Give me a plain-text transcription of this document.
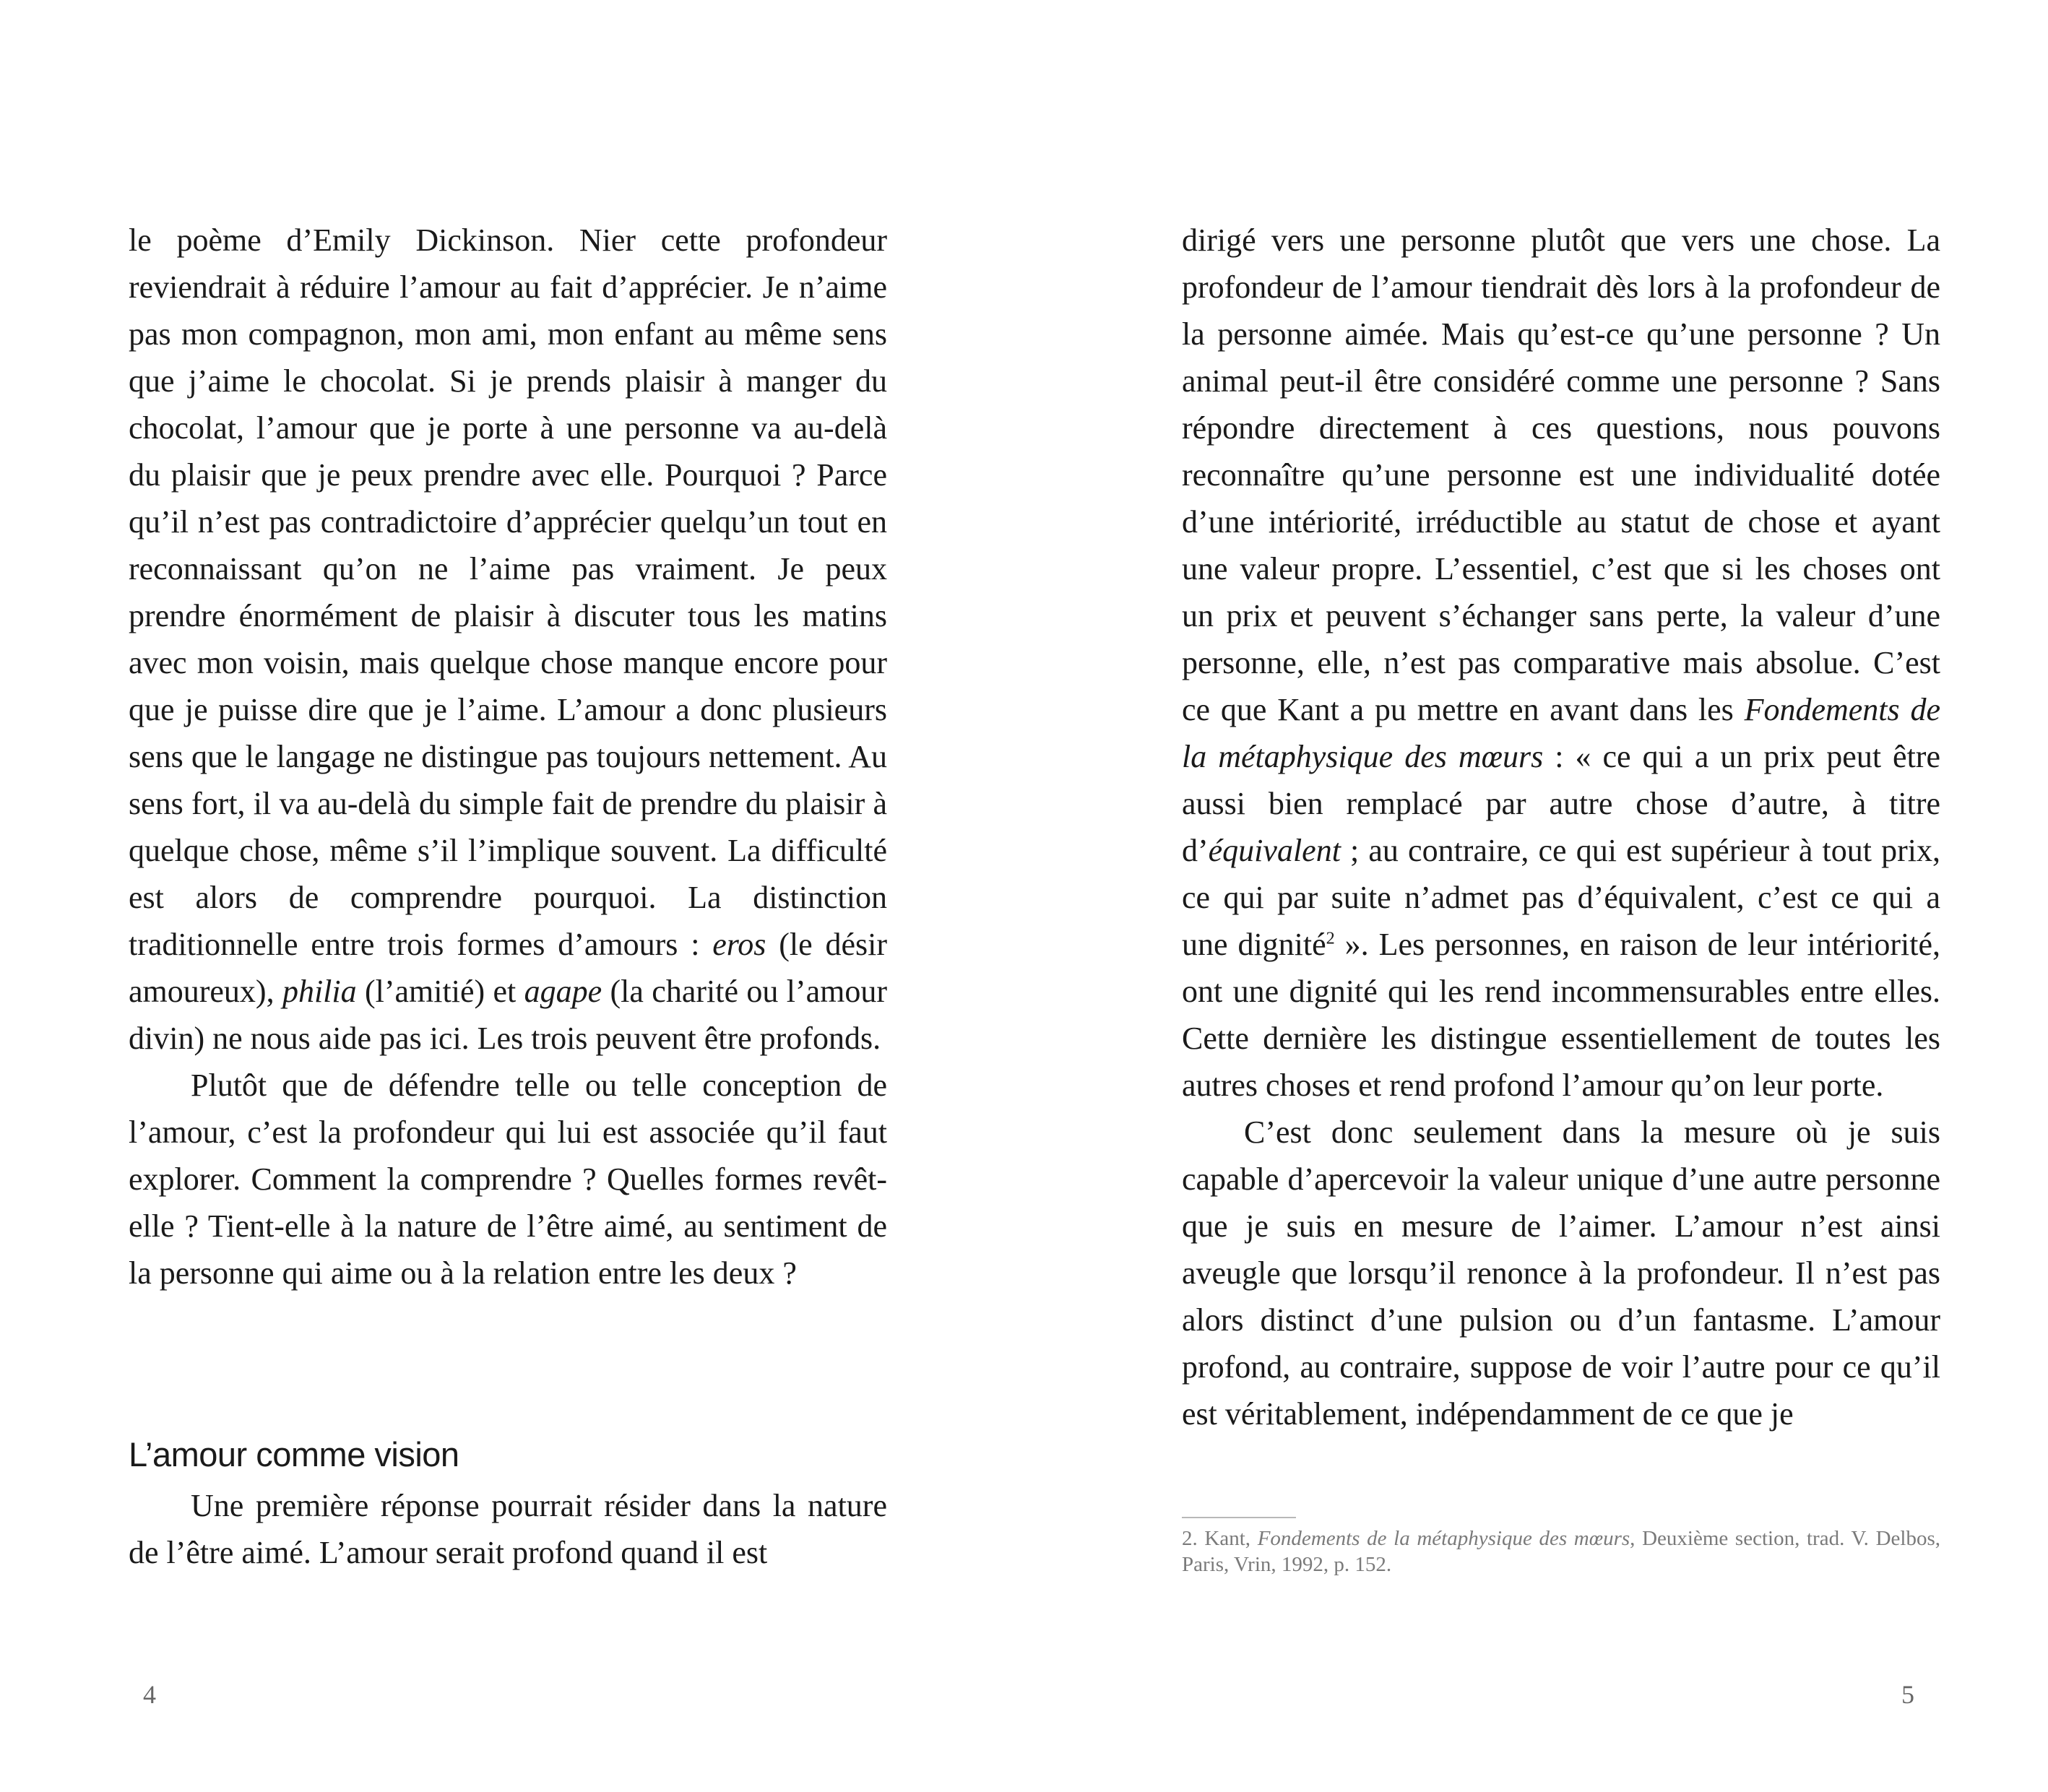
le poème d’Emily Dickinson. Nier cette profondeur reviendrait à réduire l’amour au fait d’apprécier. Je n’aime pas mon compagnon, mon ami, mon enfant au même sens que j’aime le chocolat. Si je prends plaisir à manger du chocolat, l’amour que je porte à une personne va au-delà du plaisir que je peux prendre avec elle. Pourquoi ? Parce qu’il n’est pas contradictoire d’apprécier quelqu’un tout en reconnaissant qu’on ne l’aime pas vraiment. Je peux prendre énormément de plaisir à discuter tous les matins avec mon voisin, mais quelque chose manque encore pour que je puisse dire que je l’aime. L’amour a donc plusieurs sens que le langage ne distingue pas toujours nettement. Au sens fort, il va au-delà du simple fait de prendre du plaisir à quelque chose, même s’il l’implique souvent. La difficulté est alors de comprendre pourquoi. La distinction traditionnelle entre trois formes d’amours : eros (le désir amoureux), philia (l’amitié) et agape (la charité ou l’amour divin) ne nous aide pas ici. Les trois peuvent être profonds.

Plutôt que de défendre telle ou telle conception de l’amour, c’est la profondeur qui lui est associée qu’il faut explorer. Comment la comprendre ? Quelles formes revêtelle ? Tient-elle à la nature de l’être aimé, au sentiment de la personne qui aime ou à la relation entre les deux ?

L’amour comme vision

Une première réponse pourrait résider dans la nature de l’être aimé. L’amour serait profond quand il est

4

dirigé vers une personne plutôt que vers une chose. La profondeur de l’amour tiendrait dès lors à la profondeur de la personne aimée. Mais qu’est-ce qu’une personne ? Un animal peut-il être considéré comme une personne ? Sans répondre directement à ces questions, nous pouvons reconnaître qu’une personne est une individualité dotée d’une intériorité, irréductible au statut de chose et ayant une valeur propre. L’essentiel, c’est que si les choses ont un prix et peuvent s’échanger sans perte, la valeur d’une personne, elle, n’est pas comparative mais absolue. C’est ce que Kant a pu mettre en avant dans les Fondements de la métaphysique des mœurs : « ce qui a un prix peut être aussi bien remplacé par autre chose d’autre, à titre d’équivalent ; au contraire, ce qui est supérieur à tout prix, ce qui par suite n’admet pas d’équivalent, c’est ce qui a une dignité$^2$ ». Les personnes, en raison de leur intériorité, ont une dignité qui les rend incommensurables entre elles. Cette dernière les distingue essentiellement de toutes les autres choses et rend profond l’amour qu’on leur porte.

C’est donc seulement dans la mesure où je suis capable d’apercevoir la valeur unique d’une autre personne que je suis en mesure de l’aimer. L’amour n’est ainsi aveugle que lorsqu’il renonce à la profondeur. Il n’est pas alors distinct d’une pulsion ou d’un fantasme. L’amour profond, au contraire, suppose de voir l’autre pour ce qu’il est véritablement, indépendamment de ce que je

2. Kant, Fondements de la métaphysique des mœurs, Deuxième section, trad. V. Delbos, Paris, Vrin, 1992, p. 152.

5
